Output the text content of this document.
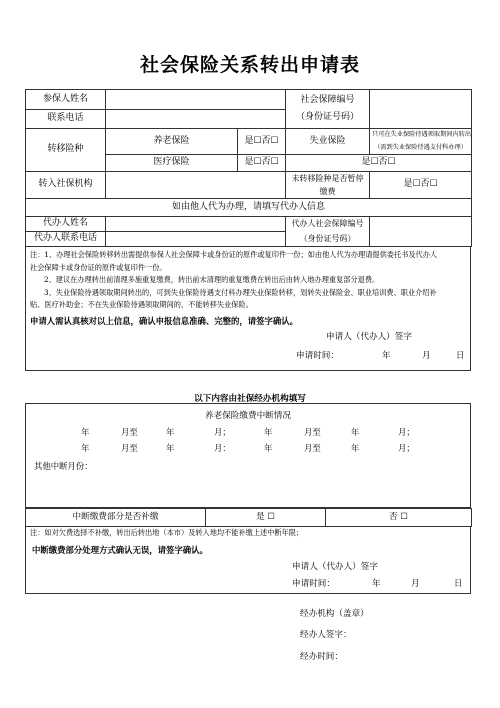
社会保险关系转出申请表
参保人姓名			社会保障编号
（身份证号码）	

联系电话				
转移险种	养老保险	是☐否☐	失业保险	只可在失业保险待遇领取期间内转出
（需到失业保险待遇支付科办理）

	医疗保险	是☐否☐	是☐否☐	
转入社保机构			未转移险种是否暂停
缴费	是☐否☐
如由他人代为办理，请填写代办人信息				
代办人姓名			代办人社会保障编号
（身份证号码）	

代办人联系电话				

注：1、办理社会保险转移转出需提供参保人社会保障卡或身份证的原件或复印件一份；如由他人代为办理请提供委托书及代办人

社会保障卡或身份证的原件或复印件一份。

2、建议在办理转出前清理多施重复缴费，转出前未清理的重复缴费在转出后由转入地办理重复部分退费。

3、失业保险待遇领取期间转出的，可到失业保险待遇支付科办理失业保险转移，划转失业保险金、职业培训费、职业介绍补

贴、医疗补助金；不在失业保险待遇领取期间的，不能转移失业保险。

申请人需认真核对以上信息，确认申报信息准确、完整的，请签字确认。

申请人（代办人）签字
申请时间：	年	月	日
以下内容由社保经办机构填写
养老保险缴费中断情况
年	月至	年	月；	年	月至	年	月；
年	月至	年	月：	年	月至	年	月；
其他中断月份：
中断缴费部分是否补缴	是 ☐	否 ☐
注：如对欠费选择不补缴，转出后转出地（本市）及转入地均不能补缴上述中断年限；
中断缴费部分处理方式确认无误，请签字确认。
申请人（代办人）签字
申请时间：	年	月	日
经办机构（盖章）
经办人签字：
经办时间：
